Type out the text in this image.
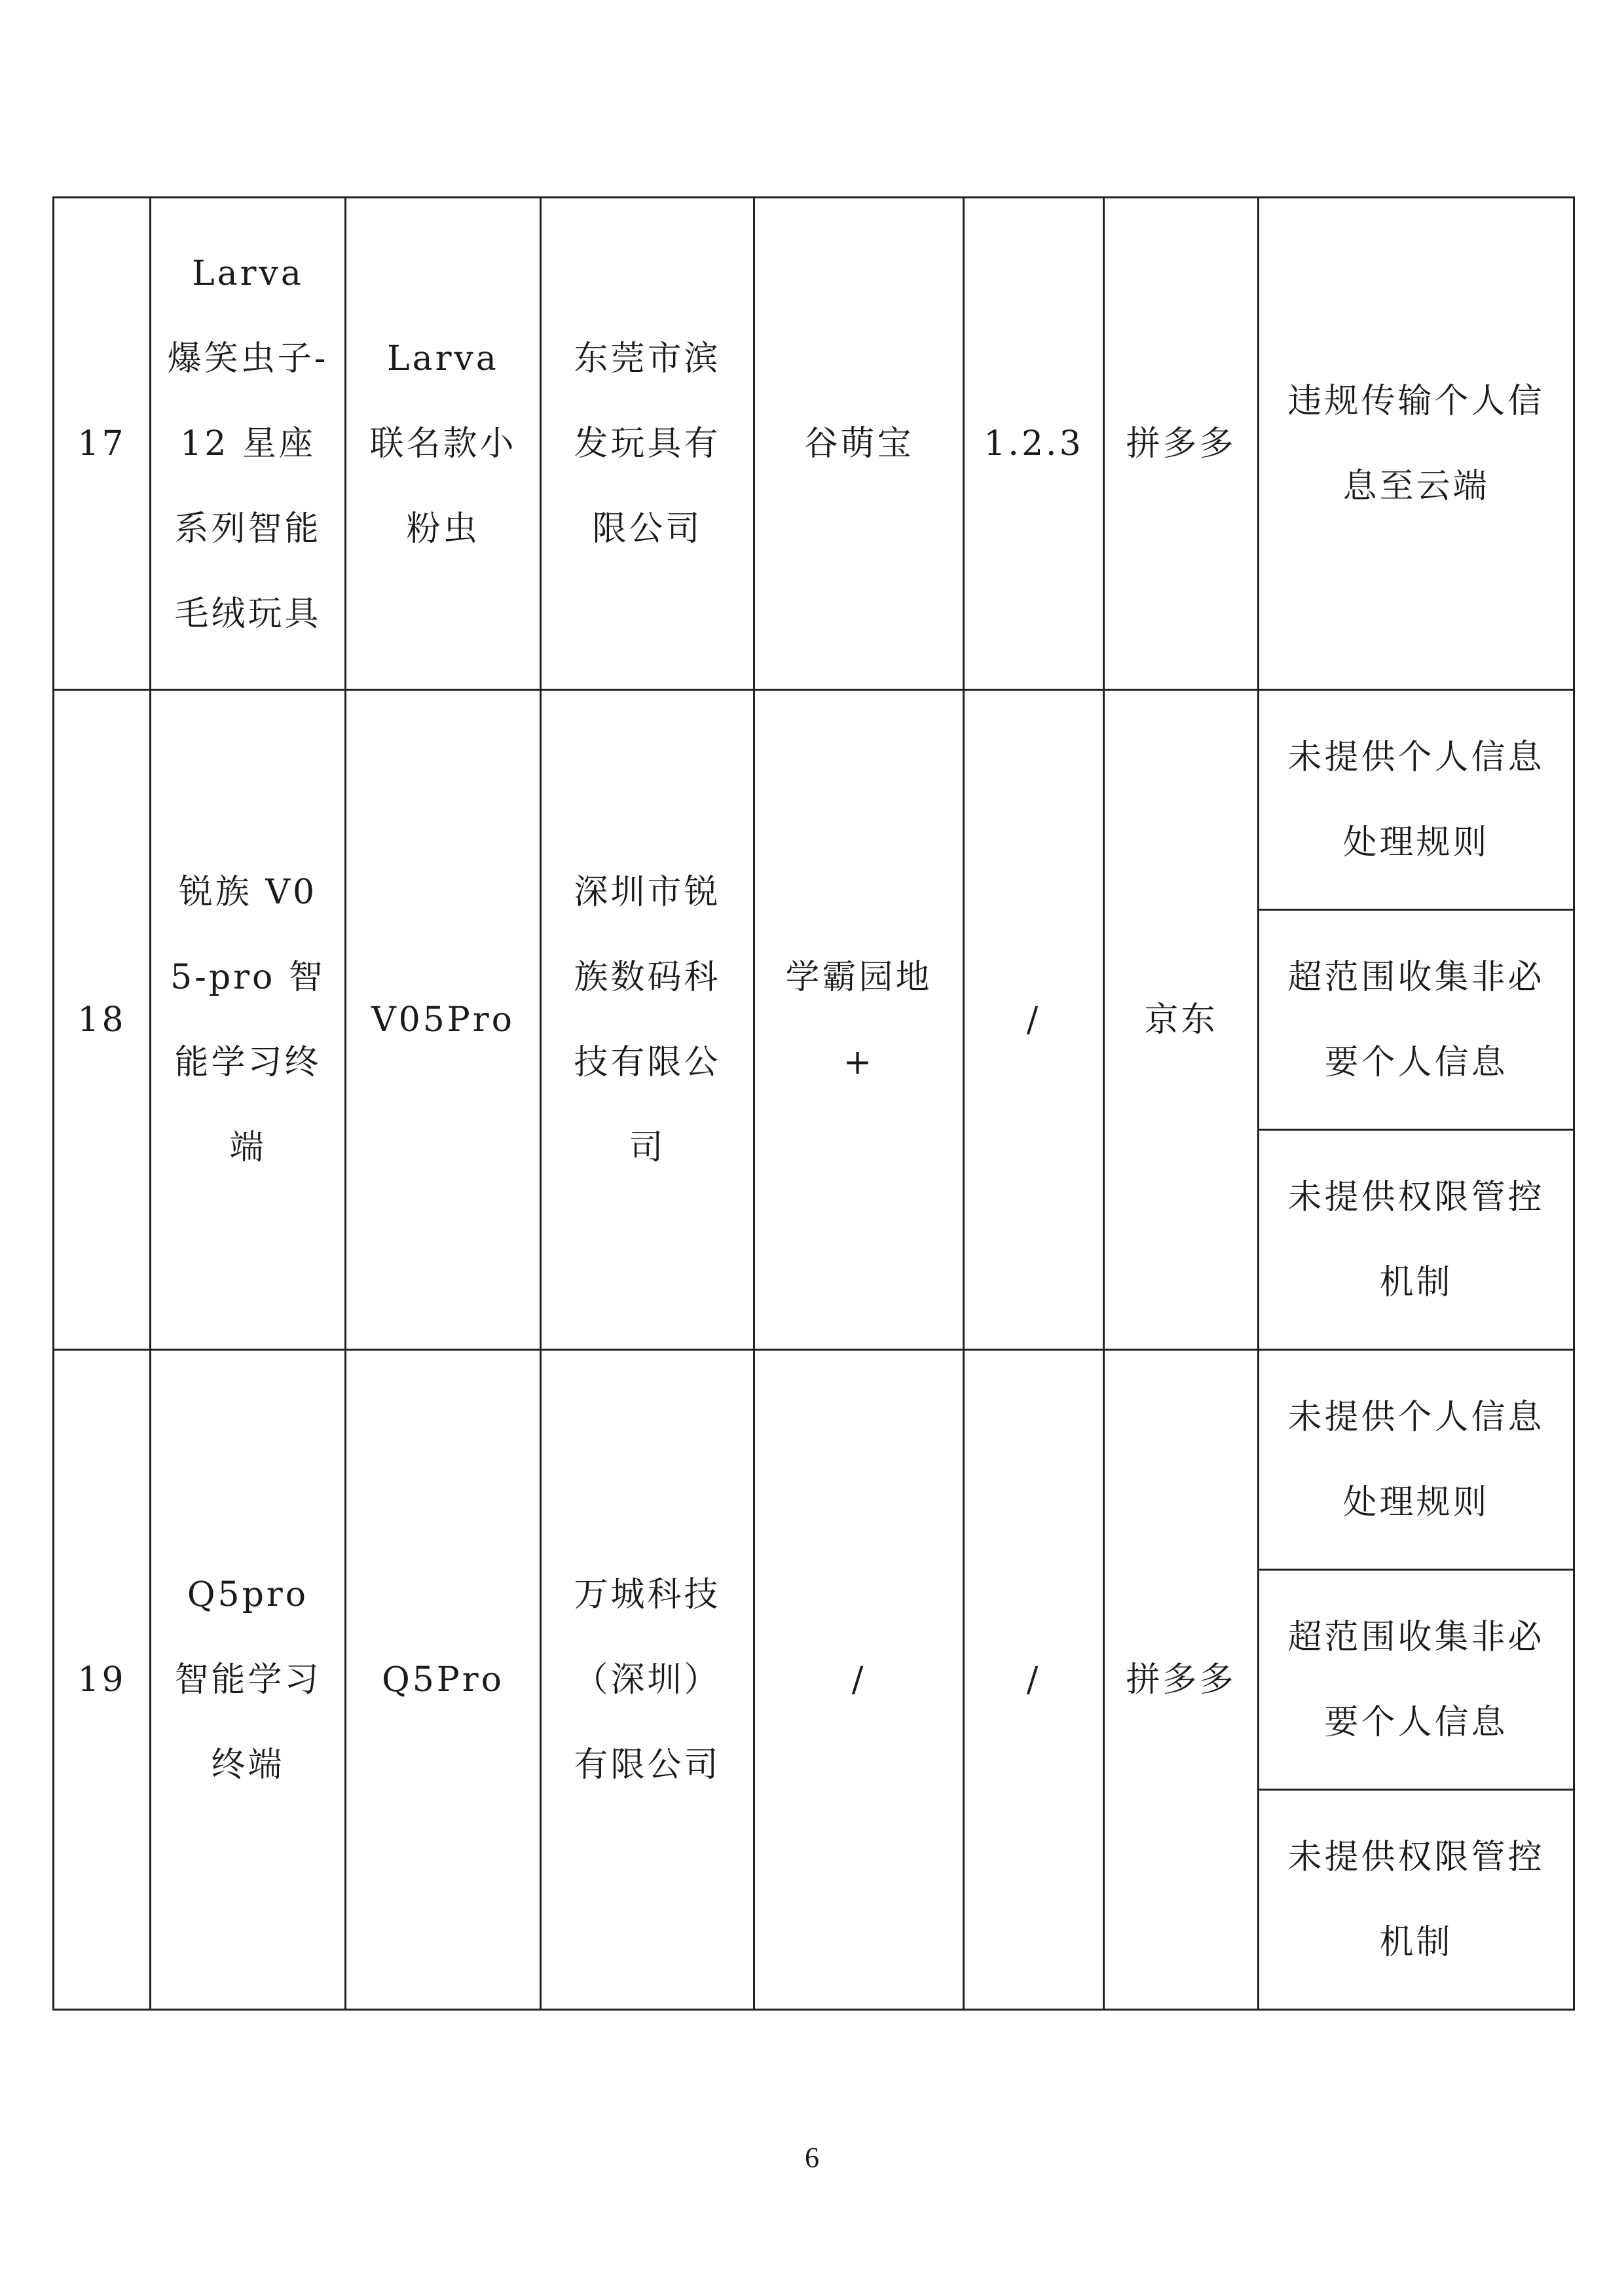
17	Larva 爆笑虫子-12 星座系列智能毛绒玩具	Larva 联名款小粉虫	东莞市滨发玩具有限公司	谷萌宝	1.2.3	拼多多	违规传输个人信息至云端
18	锐族 V05-pro 智能学习终端	V05Pro	深圳市锐族数码科技有限公司	学霸园地+	/	京东	未提供个人信息处理规则
							超范围收集非必要个人信息
							未提供权限管控机制
19	Q5pro 智能学习终端	Q5Pro	万城科技（深圳）有限公司	/	/	拼多多	未提供个人信息处理规则
							超范围收集非必要个人信息
							未提供权限管控机制
6
